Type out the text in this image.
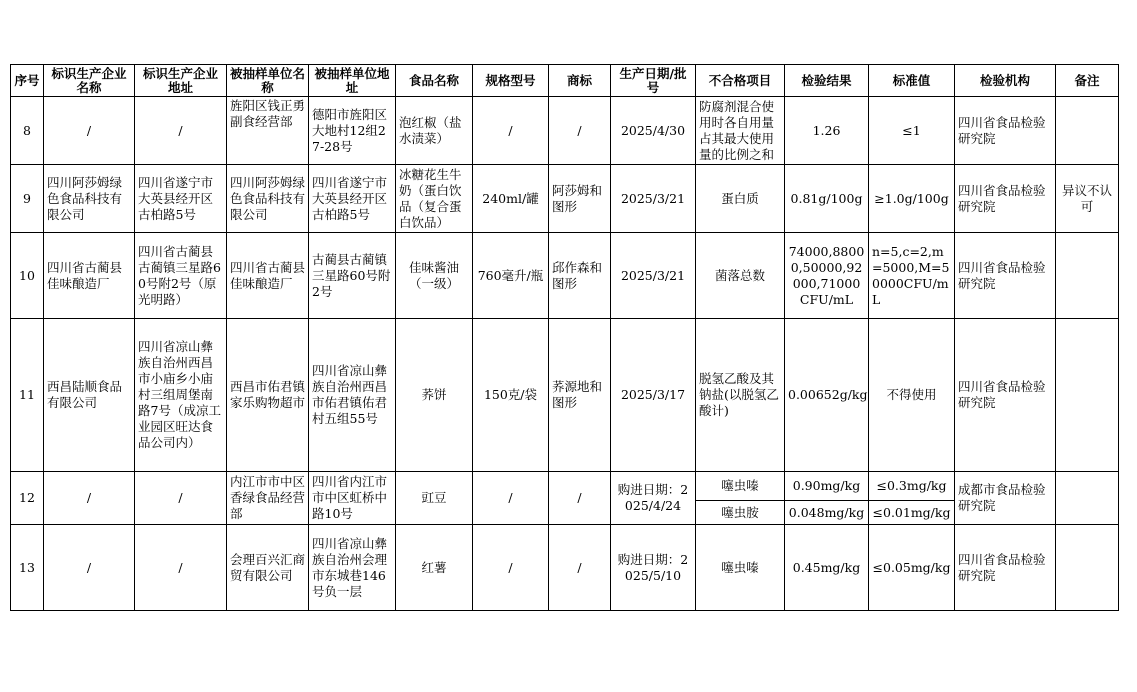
序号	标识生产企业名称	标识生产企业地址	被抽样单位名称	被抽样单位地址	食品名称	规格型号	商标	生产日期/批号	不合格项目	检验结果	标准值	检验机构	备注
8	/	/	旌阳区钱正勇副食经营部	德阳市旌阳区大地村12组27-28号	泡红椒（盐水渍菜）	/	/	2025/4/30	防腐剂混合使用时各自用量占其最大使用量的比例之和	1.26	≤1	四川省食品检验研究院	
9	四川阿莎姆绿色食品科技有限公司	四川省遂宁市大英县经开区古柏路5号	四川阿莎姆绿色食品科技有限公司	四川省遂宁市大英县经开区古柏路5号	冰糖花生牛奶（蛋白饮品（复合蛋白饮品）	240ml/罐	阿莎姆和图形	2025/3/21	蛋白质	0.81g/100g	≥1.0g/100g	四川省食品检验研究院	异议不认可
10	四川省古蔺县佳味酿造厂	四川省古蔺县古蔺镇三星路60号附2号（原光明路）	四川省古蔺县佳味酿造厂	古蔺县古蔺镇三星路60号附2号	佳味酱油（一级）	760毫升/瓶	邱作森和图形	2025/3/21	菌落总数	74000,88000,50000,92000,71000CFU/mL	n=5,c=2,m=5000,M=50000CFU/mL	四川省食品检验研究院	
11	西昌陆顺食品有限公司	四川省凉山彝族自治州西昌市小庙乡小庙村三组周堡南路7号（成凉工业园区旺达食品公司内）	西昌市佑君镇家乐购物超市	四川省凉山彝族自治州西昌市佑君镇佑君村五组55号	荞饼	150克/袋	荞源地和图形	2025/3/17	脱氢乙酸及其钠盐(以脱氢乙酸计)	0.00652g/kg	不得使用	四川省食品检验研究院	
12	/	/	内江市市中区香绿食品经营部	四川省内江市市中区虹桥中路10号	豇豆	/	/	购进日期：2025/4/24	噻虫嗪	0.90mg/kg	≤0.3mg/kg	成都市食品检验研究院	
									噻虫胺	0.048mg/kg	≤0.01mg/kg		
13	/	/	会理百兴汇商贸有限公司	四川省凉山彝族自治州会理市东城巷146号负一层	红薯	/	/	购进日期：2025/5/10	噻虫嗪	0.45mg/kg	≤0.05mg/kg	四川省食品检验研究院	
